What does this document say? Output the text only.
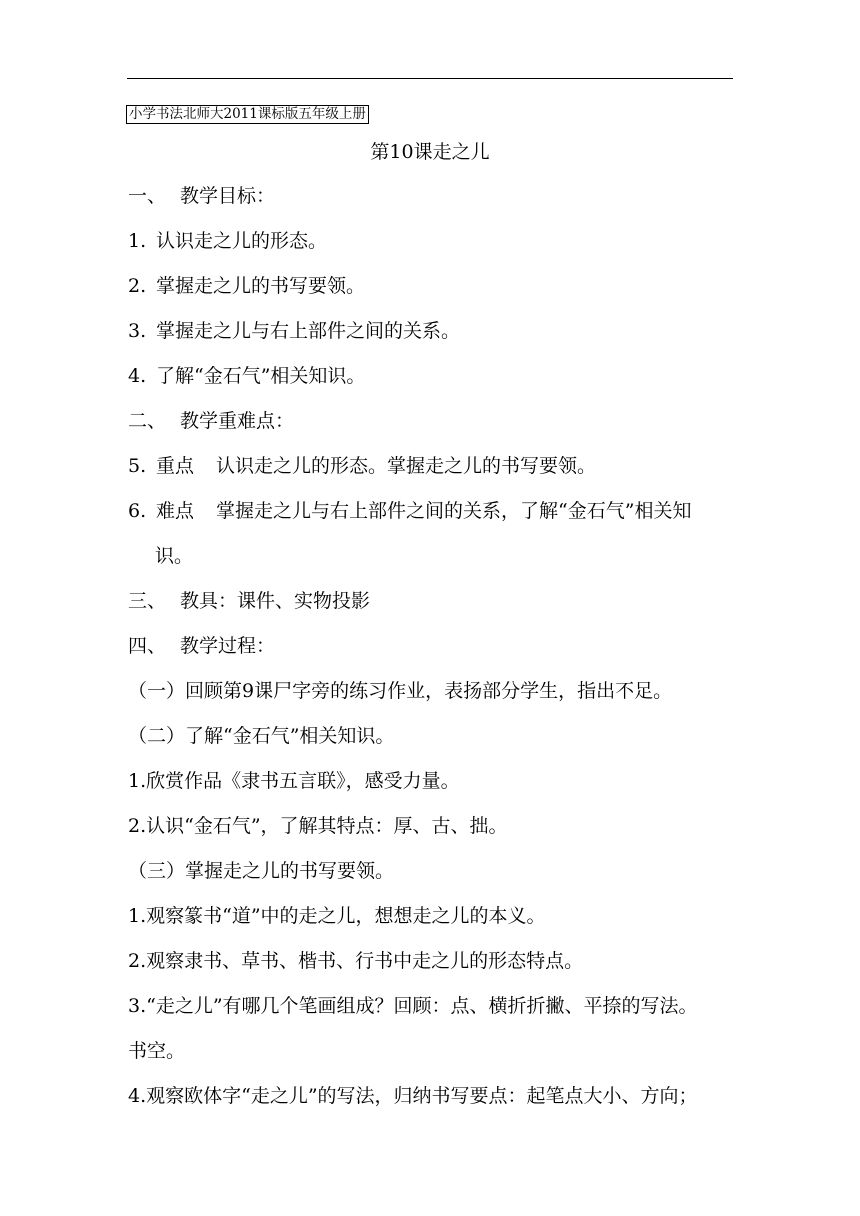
小学书法北师大2011课标版五年级上册
第10课走之儿
一、 教学目标：
1. 认识走之儿的形态。
2. 掌握走之儿的书写要领。
3. 掌握走之儿与右上部件之间的关系。
4. 了解“金石气”相关知识。
二、 教学重难点：
5. 重点 认识走之儿的形态。掌握走之儿的书写要领。
6. 难点 掌握走之儿与右上部件之间的关系，了解“金石气”相关知
识。
三、 教具：课件、实物投影
四、 教学过程：
（一）回顾第9课尸字旁的练习作业，表扬部分学生，指出不足。
（二）了解“金石气”相关知识。
1.欣赏作品《隶书五言联》，感受力量。
2.认识“金石气”，了解其特点：厚、古、拙。
（三）掌握走之儿的书写要领。
1.观察篆书“道”中的走之儿，想想走之儿的本义。
2.观察隶书、草书、楷书、行书中走之儿的形态特点。
3.“走之儿”有哪几个笔画组成？回顾：点、横折折撇、平捺的写法。
书空。
4.观察欧体字“走之儿”的写法，归纳书写要点：起笔点大小、方向；
